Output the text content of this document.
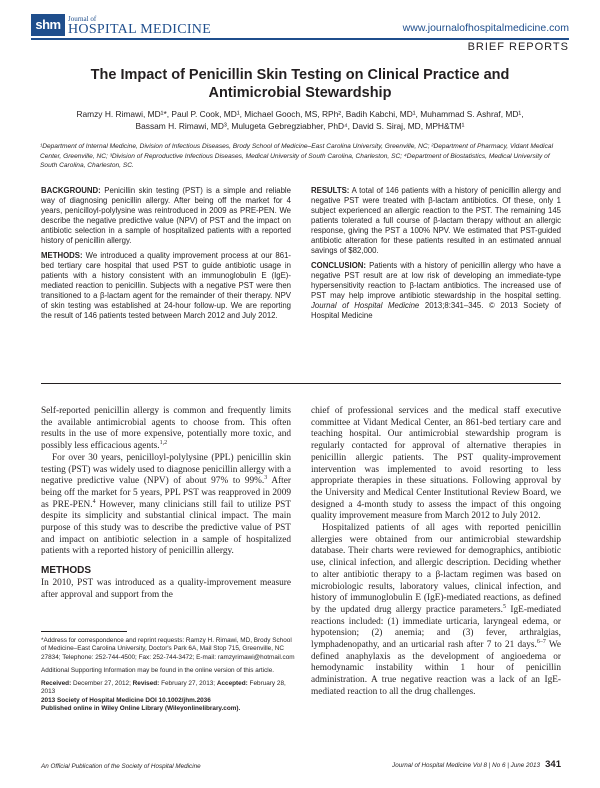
shm	Journal of
HOSPITAL MEDICINE	www.journalofhospitalmedicine.com
BRIEF REPORTS
The Impact of Penicillin Skin Testing on Clinical Practice and
Antimicrobial Stewardship
Ramzy H. Rimawi, MD¹*, Paul P. Cook, MD¹, Michael Gooch, MS, RPh², Badih Kabchi, MD¹, Muhammad S. Ashraf, MD¹,
Bassam H. Rimawi, MD³, Mulugeta Gebregziabher, PhD⁴, David S. Siraj, MD, MPH&TM¹
¹Department of Internal Medicine, Division of Infectious Diseases, Brody School of Medicine–East Carolina University, Greenville, NC; ²Department of Pharmacy, Vidant Medical Center, Greenville, NC; ³Division of Reproductive Infectious Diseases, Medical University of South Carolina, Charleston, SC; ⁴Department of Biostatistics, Medical University of South Carolina, Charleston, SC.

BACKGROUND: Penicillin skin testing (PST) is a simple and reliable way of diagnosing penicillin allergy. After being off the market for 4 years, penicilloyl-polylysine was reintroduced in 2009 as PRE-PEN. We describe the negative predictive value (NPV) of PST and the impact on antibiotic selection in a sample of hospitalized patients with a reported history of penicillin allergy.

METHODS: We introduced a quality improvement process at our 861-bed tertiary care hospital that used PST to guide antibiotic usage in patients with a history consistent with an immunoglobulin E (IgE)-mediated reaction to penicillin. Subjects with a negative PST were then transitioned to a β-lactam agent for the remainder of their therapy. NPV of skin testing was established at 24-hour follow-up. We are reporting the result of 146 patients tested between March 2012 and July 2012.

RESULTS: A total of 146 patients with a history of penicillin allergy and negative PST were treated with β-lactam antibiotics. Of these, only 1 subject experienced an allergic reaction to the PST. The remaining 145 patients tolerated a full course of β-lactam therapy without an allergic response, giving the PST a 100% NPV. We estimated that PST-guided antibiotic alteration for these patients resulted in an estimated annual savings of $82,000.

CONCLUSION: Patients with a history of penicillin allergy who have a negative PST result are at low risk of developing an immediate-type hypersensitivity reaction to β-lactam antibiotics. The increased use of PST may help improve antibiotic stewardship in the hospital setting. Journal of Hospital Medicine 2013;8:341–345. © 2013 Society of Hospital Medicine

Self-reported penicillin allergy is common and frequently limits the available antimicrobial agents to choose from. This often results in the use of more expensive, potentially more toxic, and possibly less efficacious agents.$^{1,2}$

For over 30 years, penicilloyl-polylysine (PPL) penicillin skin testing (PST) was widely used to diagnose penicillin allergy with a negative predictive value (NPV) of about 97% to 99%.$^3$ After being off the market for 5 years, PPL PST was reapproved in 2009 as PRE-PEN.$^4$ However, many clinicians still fail to utilize PST despite its simplicity and substantial clinical impact. The main purpose of this study was to describe the predictive value of PST and impact on antibiotic selection in a sample of hospitalized patients with a reported history of penicillin allergy.

METHODS

In 2010, PST was introduced as a quality-improvement measure after approval and support from the

chief of professional services and the medical staff executive committee at Vidant Medical Center, an 861-bed tertiary care and teaching hospital. Our antimicrobial stewardship program is regularly contacted for approval of alternative therapies in penicillin allergic patients. The PST quality-improvement intervention was implemented to avoid resorting to less appropriate therapies in these situations. Following approval by the University and Medical Center Institutional Review Board, we designed a 4-month study to assess the impact of this ongoing quality improvement measure from March 2012 to July 2012.

Hospitalized patients of all ages with reported penicillin allergies were obtained from our antimicrobial stewardship database. Their charts were reviewed for demographics, antibiotic use, clinical infection, and allergic description. Deciding whether to alter antibiotic therapy to a β-lactam regimen was based on microbiologic results, laboratory values, clinical infection, and history of immunoglobulin E (IgE)-mediated reactions, as defined by the updated drug allergy practice parameters.$^5$ IgE-mediated reactions included: (1) immediate urticaria, laryngeal edema, or hypotension; (2) anemia; and (3) fever, arthralgias, lymphadenopathy, and an urticarial rash after 7 to 21 days.$^{6-7}$ We defined anaphylaxis as the development of angioedema or hemodynamic instability within 1 hour of penicillin administration. A true negative reaction was a lack of an IgE-mediated reaction to all the drug challenges.

*Address for correspondence and reprint requests: Ramzy H. Rimawi, MD, Brody School of Medicine–East Carolina University, Doctor's Park 6A, Mail Stop 715, Greenville, NC 27834; Telephone: 252-744-4500; Fax: 252-744-3472; E-mail: ramzyrimawi@hotmail.com

Additional Supporting Information may be found in the online version of this article.

Received: December 27, 2012; Revised: February 27, 2013; Accepted: February 28, 2013
2013 Society of Hospital Medicine DOI 10.1002/jhm.2036
Published online in Wiley Online Library (Wileyonlinelibrary.com).

An Official Publication of the Society of Hospital Medicine	Journal of Hospital Medicine Vol 8 | No 6 | June 2013 341
